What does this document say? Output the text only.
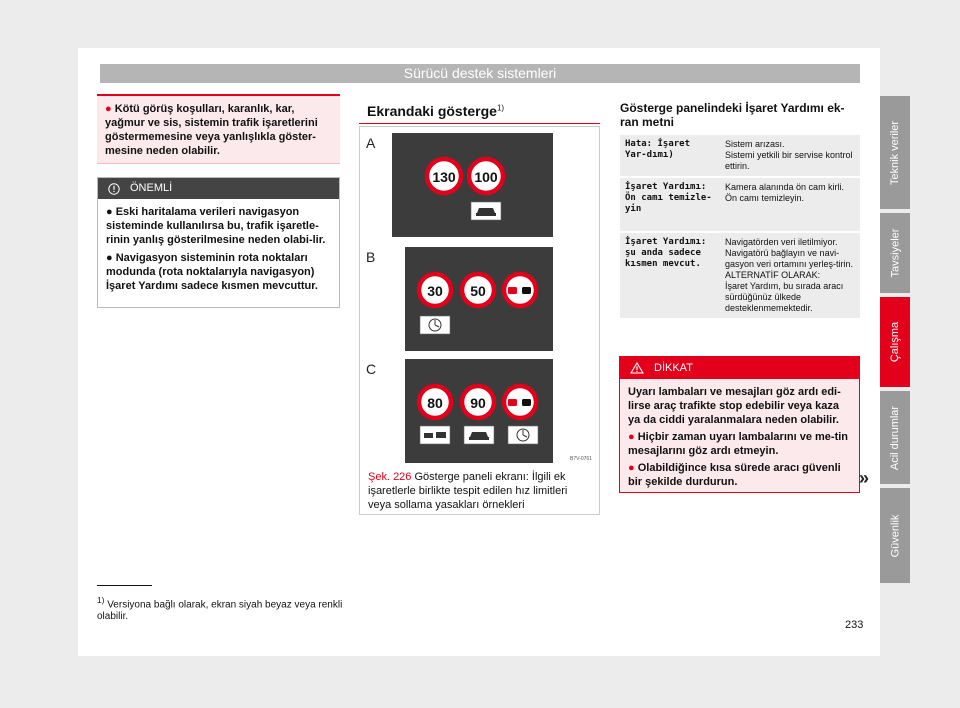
Sürücü destek sistemleri
Teknik veriler
Tavsiyeler
Çalışma
Acil durumlar
Güvenlik
● Kötü görüş koşulları, karanlık, kar, yağmur ve sis, sistemin trafik işaretlerini göstermemesine veya yanlışlıkla göster-mesine neden olabilir.
ÖNEMLİ

● Eski haritalama verileri navigasyon sisteminde kullanılırsa bu, trafik işaretle-rinin yanlış gösterilmesine neden olabi-lir.

● Navigasyon sisteminin rota noktaları modunda (rota noktalarıyla navigasyon) İşaret Yardımı sadece kısmen mevcuttur.

Ekrandaki gösterge$^{1)}$
A
130 100
B
30 50
C
80 90
B7V-0761
Şek. 226 Gösterge paneli ekranı: İlgili ek işaretlerle birlikte tespit edilen hız limitleri veya sollama yasakları örnekleri
Gösterge panelindeki İşaret Yardımı ek-ran metni
Hata: İşaret Yar-dımı)	Sistem arızası.
Sistemi yetkili bir servise kontrol ettirin.
İşaret Yardımı: Ön camı temizle-yin	Kamera alanında ön cam kirli.
Ön camı temizleyin.
İşaret Yardımı: şu anda sadece kısmen mevcut.	Navigatörden veri iletilmiyor. Navigatörü bağlayın ve navi-gasyon veri ortamını yerleş-tirin.
ALTERNATİF OLARAK:
İşaret Yardım, bu sırada aracı sürdüğünüz ülkede desteklenmemektedir.
DİKKAT

Uyarı lambaları ve mesajları göz ardı edi-lirse araç trafikte stop edebilir veya kaza ya da ciddi yaralanmalara neden olabilir.

● Hiçbir zaman uyarı lambalarını ve me-tin mesajlarını göz ardı etmeyin.

● Olabildiğince kısa sürede aracı güvenli bir şekilde durdurun.	»
$^{1)}$ Versiyona bağlı olarak, ekran siyah beyaz veya renkli olabilir.
233
